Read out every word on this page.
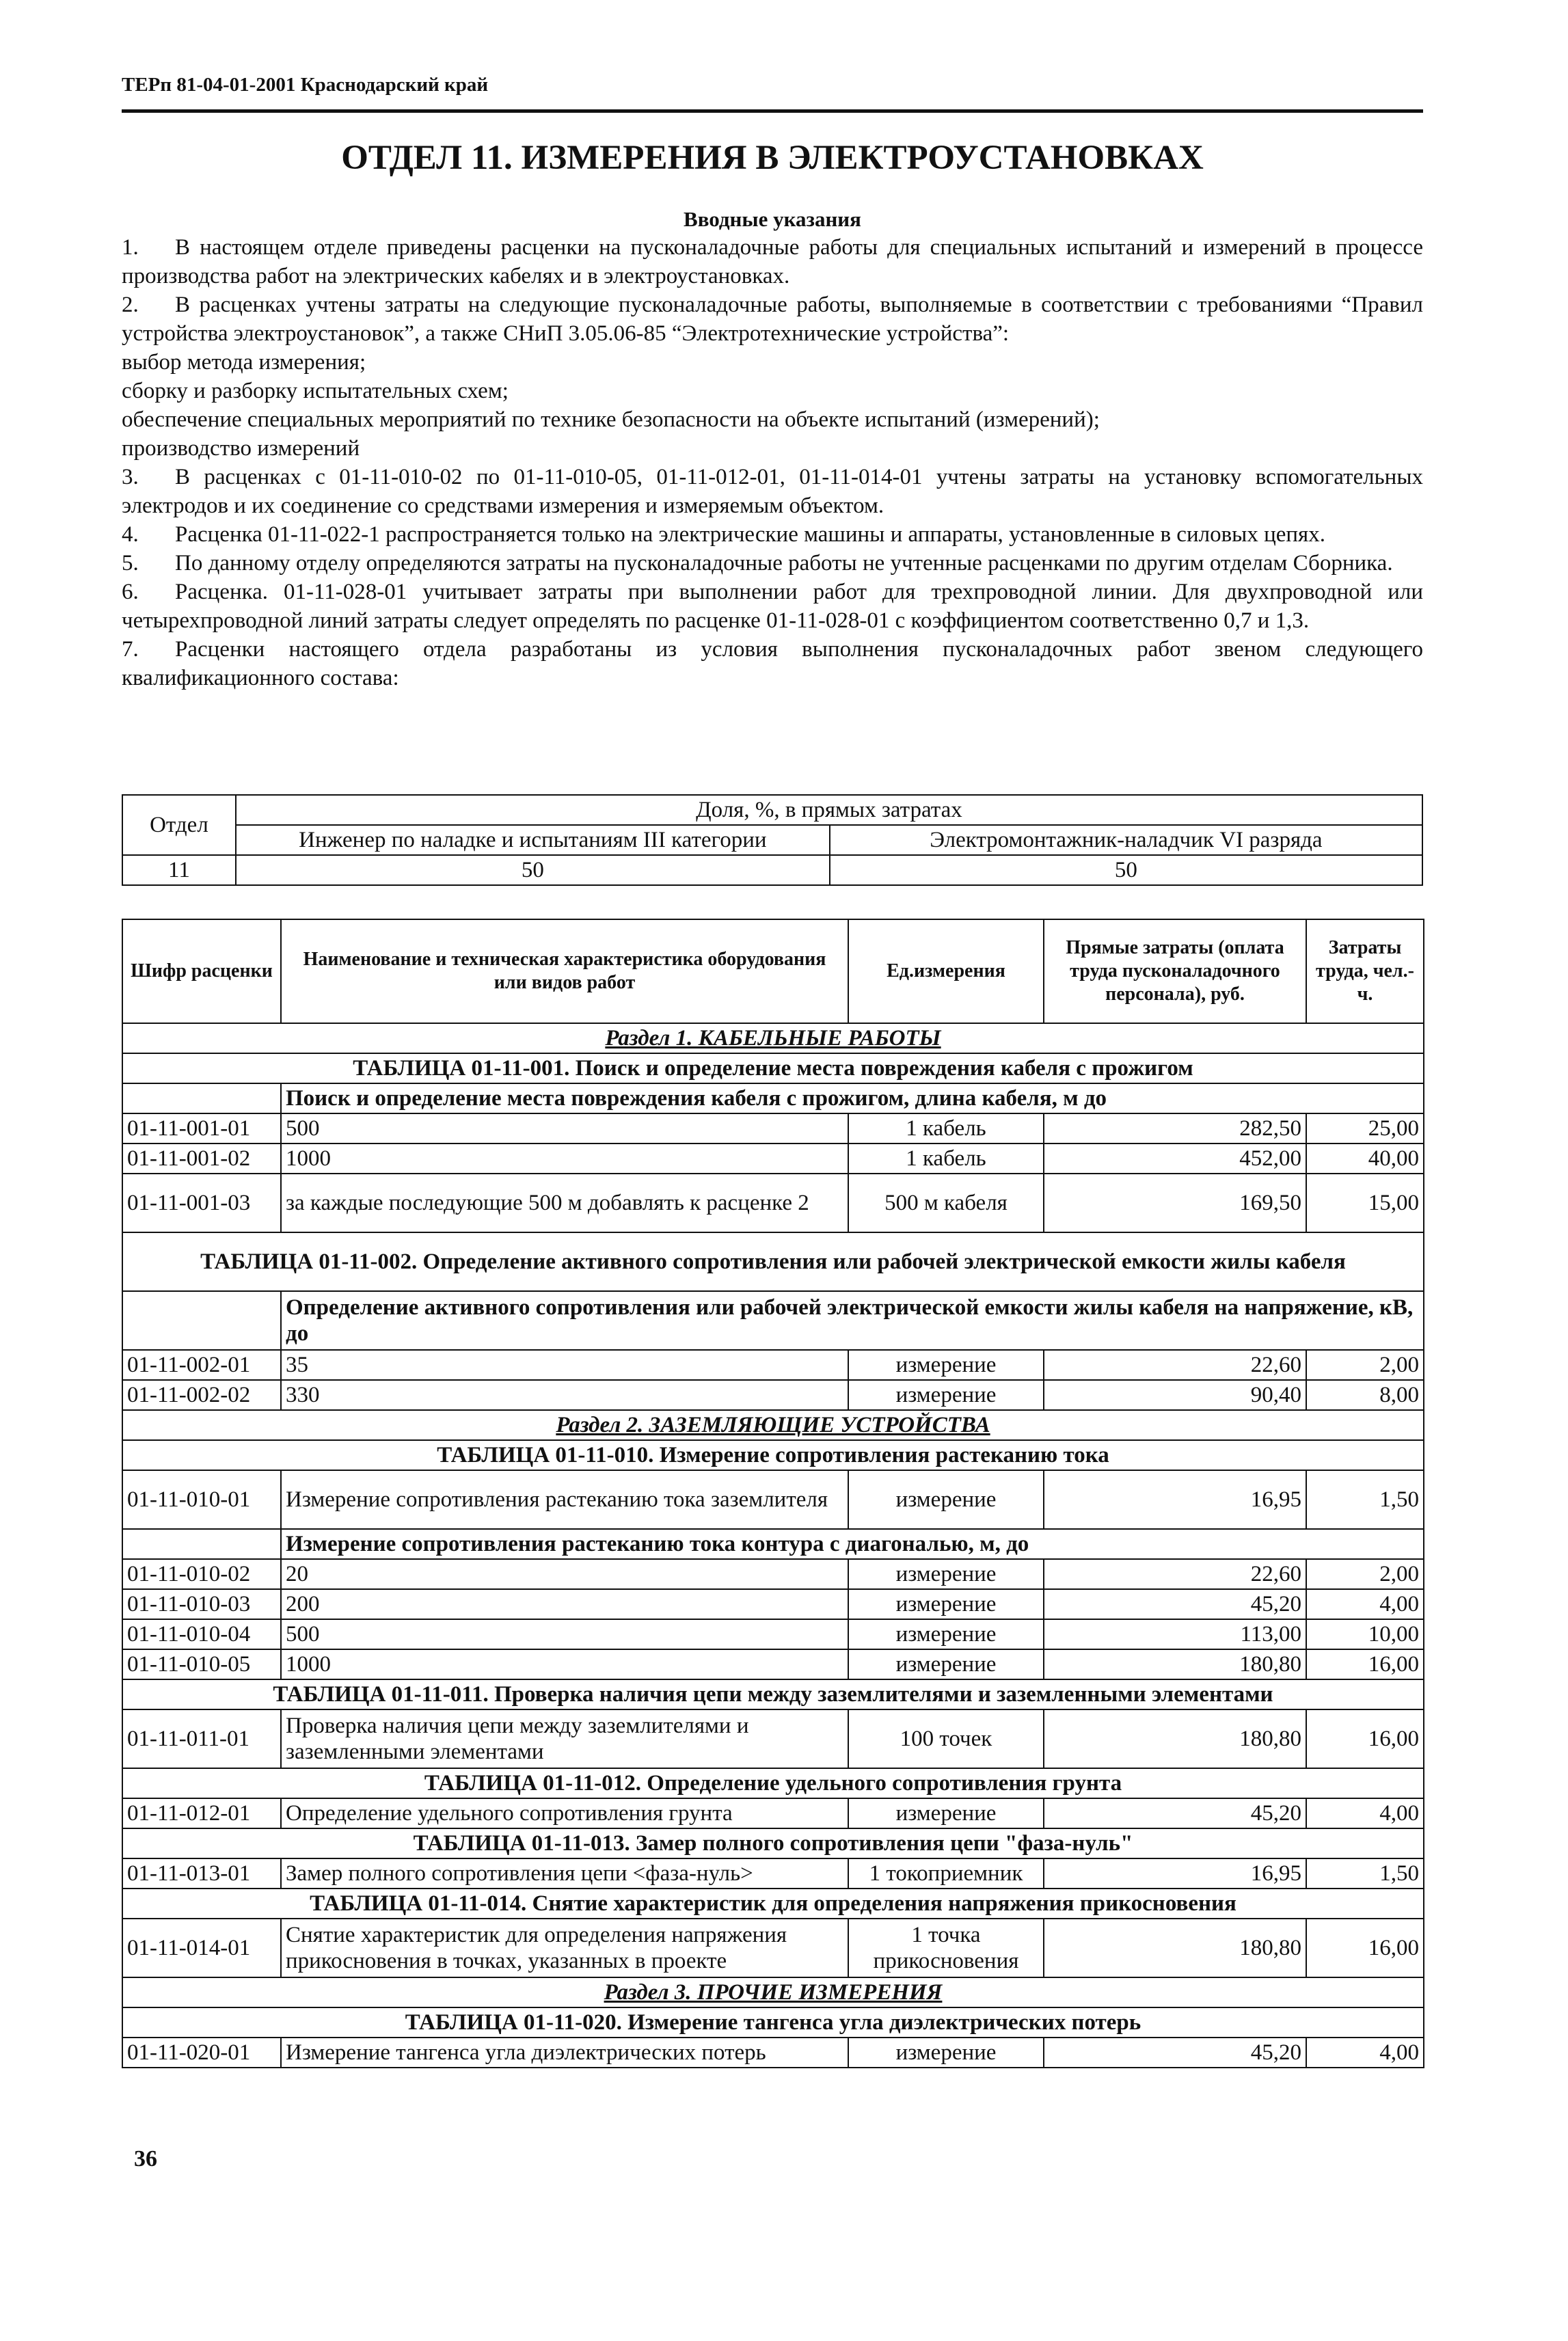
ТЕРп 81-04-01-2001 Краснодарский край
ОТДЕЛ 11. ИЗМЕРЕНИЯ В ЭЛЕКТРОУСТАНОВКАХ
Вводные указания

1. В настоящем отделе приведены расценки на пусконаладочные работы для специальных испытаний и измерений в процессе производства работ на электрических кабелях и в электроустановках.

2. В расценках учтены затраты на следующие пусконаладочные работы, выполняемые в соответствии с требованиями “Правил устройства электроустановок”, а также СНиП 3.05.06-85 “Электротехнические устройства”:

выбор метода измерения;

сборку и разборку испытательных схем;

обеспечение специальных мероприятий по технике безопасности на объекте испытаний (измерений);

производство измерений

3. В расценках с 01-11-010-02 по 01-11-010-05, 01-11-012-01, 01-11-014-01 учтены затраты на установку вспомогательных электродов и их соединение со средствами измерения и измеряемым объектом.

4. Расценка 01-11-022-1 распространяется только на электрические машины и аппараты, установленные в силовых цепях.

5. По данному отделу определяются затраты на пусконаладочные работы не учтенные расценками по другим отделам Сборника.

6. Расценка. 01-11-028-01 учитывает затраты при выполнении работ для трехпроводной линии. Для двухпроводной или четырехпроводной линий затраты следует определять по расценке 01-11-028-01 с коэффициентом соответственно 0,7 и 1,3.

7. Расценки настоящего отдела разработаны из условия выполнения пусконаладочных работ звеном следующего квалификационного состава:

Отдел	Доля, %, в прямых затратах	
	Инженер по наладке и испытаниям III категории	Электромонтажник-наладчик VI разряда
11	50	50
Шифр расценки	Наименование и техническая характеристика оборудования или видов работ	Ед.измерения	Прямые затраты (оплата труда пусконаладочного персонала), руб.	Затраты труда, чел.-ч.
Раздел 1. КАБЕЛЬНЫЕ РАБОТЫ				
ТАБЛИЦА 01-11-001. Поиск и определение места повреждения кабеля с прожигом				
	Поиск и определение места повреждения кабеля с прожигом, длина кабеля, м до			
01-11-001-01	500	1 кабель	282,50	25,00
01-11-001-02	1000	1 кабель	452,00	40,00
01-11-001-03	за каждые последующие 500 м добавлять к расценке 2	500 м кабеля	169,50	15,00
ТАБЛИЦА 01-11-002. Определение активного сопротивления или рабочей электрической емкости жилы кабеля				
	Определение активного сопротивления или рабочей электрической емкости жилы кабеля на напряжение, кВ, до			
01-11-002-01	35	измерение	22,60	2,00
01-11-002-02	330	измерение	90,40	8,00
Раздел 2. ЗАЗЕМЛЯЮЩИЕ УСТРОЙСТВА				
ТАБЛИЦА 01-11-010. Измерение сопротивления растеканию тока				
01-11-010-01	Измерение сопротивления растеканию тока заземлителя	измерение	16,95	1,50
	Измерение сопротивления растеканию тока контура с диагональю, м, до			
01-11-010-02	20	измерение	22,60	2,00
01-11-010-03	200	измерение	45,20	4,00
01-11-010-04	500	измерение	113,00	10,00
01-11-010-05	1000	измерение	180,80	16,00
ТАБЛИЦА 01-11-011. Проверка наличия цепи между заземлителями и заземленными элементами				
01-11-011-01	Проверка наличия цепи между заземлителями и заземленными элементами	100 точек	180,80	16,00
ТАБЛИЦА 01-11-012. Определение удельного сопротивления грунта				
01-11-012-01	Определение удельного сопротивления грунта	измерение	45,20	4,00
ТАБЛИЦА 01-11-013. Замер полного сопротивления цепи "фаза-нуль"				
01-11-013-01	Замер полного сопротивления цепи <фаза-нуль>	1 токоприемник	16,95	1,50
ТАБЛИЦА 01-11-014. Снятие характеристик для определения напряжения прикосновения				
01-11-014-01	Снятие характеристик для определения напряжения прикосновения в точках, указанных в проекте	1 точка прикосновения	180,80	16,00
Раздел 3. ПРОЧИЕ ИЗМЕРЕНИЯ				
ТАБЛИЦА 01-11-020. Измерение тангенса угла диэлектрических потерь				
01-11-020-01	Измерение тангенса угла диэлектрических потерь	измерение	45,20	4,00
36
